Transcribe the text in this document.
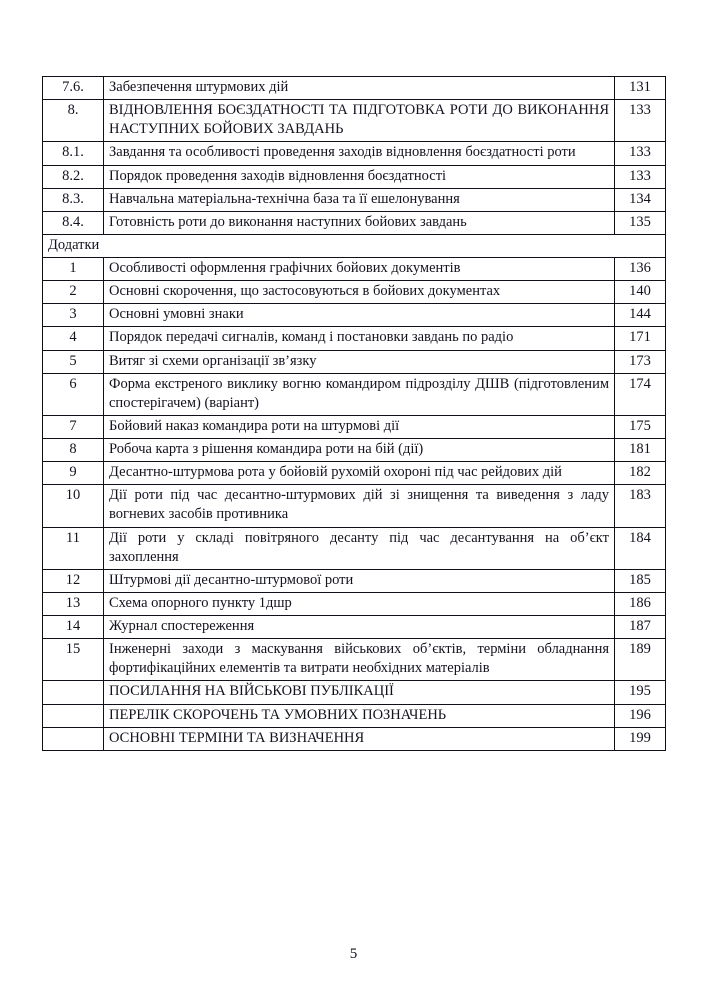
7.6.	Забезпечення штурмових дій	131
8.	ВІДНОВЛЕННЯ БОЄЗДАТНОСТІ ТА ПІДГОТОВКА РОТИ ДО ВИКОНАННЯ НАСТУПНИХ БОЙОВИХ ЗАВДАНЬ	133
8.1.	Завдання та особливості проведення заходів відновлення боєздатності роти	133
8.2.	Порядок проведення заходів відновлення боєздатності	133
8.3.	Навчальна матеріальна-технічна база та її ешелонування	134
8.4.	Готовність роти до виконання наступних бойових завдань	135
Додатки		
1	Особливості оформлення графічних бойових документів	136
2	Основні скорочення, що застосовуються в бойових документах	140
3	Основні умовні знаки	144
4	Порядок передачі сигналів, команд і постановки завдань по радіо	171
5	Витяг зі схеми організації зв’язку	173
6	Форма екстреного виклику вогню командиром підрозділу ДШВ (підготовленим спостерігачем) (варіант)	174
7	Бойовий наказ командира роти на штурмові дії	175
8	Робоча карта з рішення командира роти на бій (дії)	181
9	Десантно-штурмова рота у бойовій рухомій охороні під час рейдових дій	182
10	Дії роти під час десантно-штурмових дій зі знищення та виведення з ладу вогневих засобів противника	183
11	Дії роти у складі повітряного десанту під час десантування на об’єкт захоплення	184
12	Штурмові дії десантно-штурмової роти	185
13	Схема опорного пункту 1дшр	186
14	Журнал спостереження	187
15	Інженерні заходи з маскування військових об’єктів, терміни обладнання фортифікаційних елементів та витрати необхідних матеріалів	189
	ПОСИЛАННЯ НА ВІЙСЬКОВІ ПУБЛІКАЦІЇ	195
	ПЕРЕЛІК СКОРОЧЕНЬ ТА УМОВНИХ ПОЗНАЧЕНЬ	196
	ОСНОВНІ ТЕРМІНИ ТА ВИЗНАЧЕННЯ	199
5
